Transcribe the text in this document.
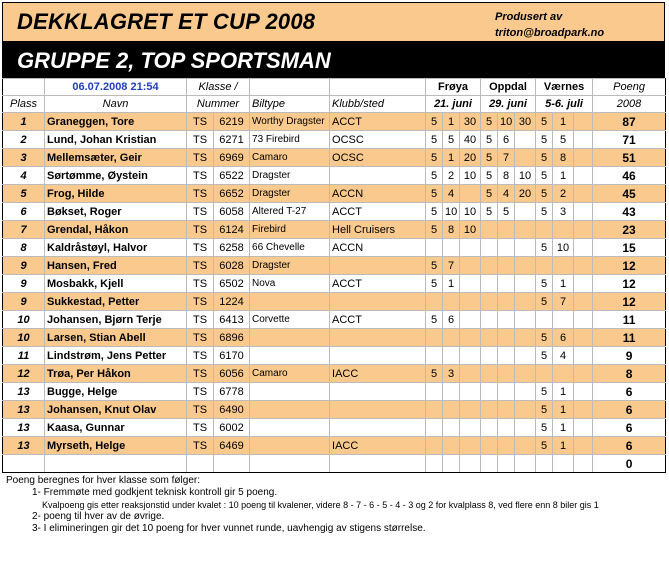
DEKKLAGRET ET CUP 2008	Produsert av
triton@broadpark.no
GRUPPE 2, TOP SPORTSMAN
	06.07.2008 21:54	Klasse /				Frøya			Oppdal			Værnes			Poeng
Plass	Navn	Nummer		Biltype	Klubb/sted	21. juni			29. juni			5-6. juli			2008
1	Graneggen, Tore	TS	6219	Worthy Dragster	ACCT	5	1	30	5	10	30	5	1		87
2	Lund, Johan Kristian	TS	6271	73 Firebird	OCSC	5	5	40	5	6		5	5		71
3	Mellemsæter, Geir	TS	6969	Camaro	OCSC	5	1	20	5	7		5	8		51
4	Sørtømme, Øystein	TS	6522	Dragster		5	2	10	5	8	10	5	1		46
5	Frog, Hilde	TS	6652	Dragster	ACCN	5	4		5	4	20	5	2		45
6	Bøkset, Roger	TS	6058	Altered T-27	ACCT	5	10	10	5	5		5	3		43
7	Grendal, Håkon	TS	6124	Firebird	Hell Cruisers	5	8	10							23
8	Kaldråstøyl, Halvor	TS	6258	66 Chevelle	ACCN							5	10		15
9	Hansen, Fred	TS	6028	Dragster		5	7								12
9	Mosbakk, Kjell	TS	6502	Nova	ACCT	5	1					5	1		12
9	Sukkestad, Petter	TS	1224									5	7		12
10	Johansen, Bjørn Terje	TS	6413	Corvette	ACCT	5	6								11
10	Larsen, Stian Abell	TS	6896									5	6		11
11	Lindstrøm, Jens Petter	TS	6170									5	4		9
12	Trøa, Per Håkon	TS	6056	Camaro	IACC	5	3								8
13	Bugge, Helge	TS	6778									5	1		6
13	Johansen, Knut Olav	TS	6490									5	1		6
13	Kaasa, Gunnar	TS	6002									5	1		6
13	Myrseth, Helge	TS	6469		IACC							5	1		6
															0
Poeng beregnes for hver klasse som følger:
1- Fremmøte med godkjent teknisk kontroll gir 5 poeng.
Kvalpoeng gis etter reaksjonstid under kvalet : 10 poeng til kvalener, videre 8 - 7 - 6 - 5 - 4 - 3 og 2 for kvalplass 8, ved flere enn 8 biler gis 1
2- poeng til hver av de øvrige.
3- I elimineringen gir det 10 poeng for hver vunnet runde, uavhengig av stigens størrelse.
